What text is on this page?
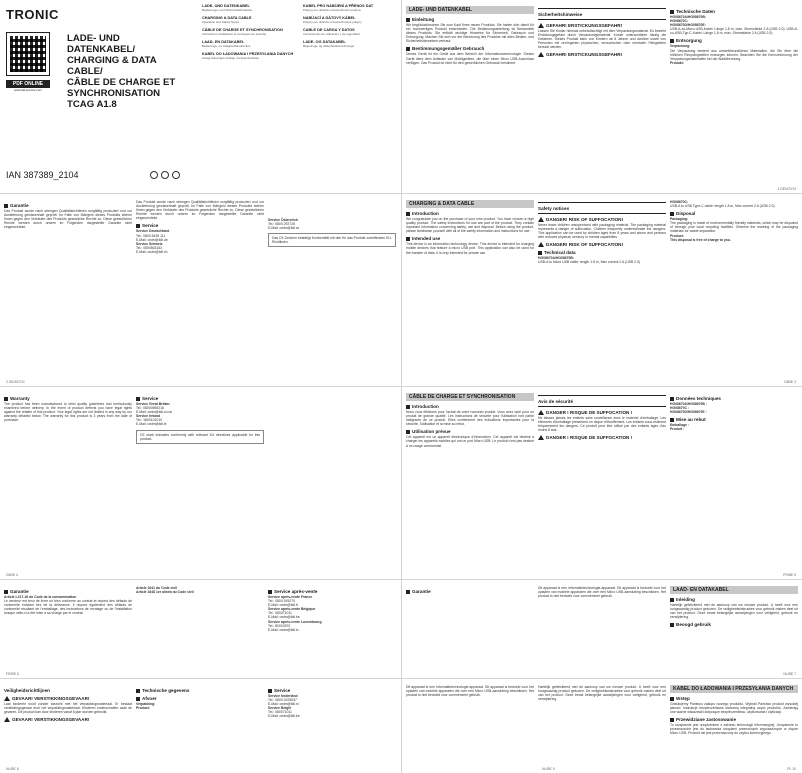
TRONIC
PDF ONLINE
www.lidl-service.com
LADE- UND
DATENKABEL/
CHARGING & DATA
CABLE/
CÂBLE DE CHARGE ET
SYNCHRONISATION
TCAG A1.8
IAN 387389_2104
LADE- UND DATENKABEL
Bedienungs- und Sicherheitshinweise
CHARGING & DATA CABLE
Operation and Safety Notes
CÂBLE DE CHARGE ET SYNCHRONISATION
Instructions d'utilisation et consignes de sécurité
LAAD- EN DATAKABEL
Bedienings- en veiligheidsinstructies
KABEL DO ŁADOWANIA I PRZESYŁANIA DANYCH
Uwagi dotyczące obsługi i bezpieczeństwa
KABEL PRO NABÍJENÍ A PŘENOS DAT
Pokyny pro obsluhu a bezpečnostní pokyny
NABÍJACÍ A DÁTOVÝ KÁBEL
Pokyny pre obsluhu a bezpečnostné pokyny
CABLE DE CARGA Y DATOS
Instrucciones de utilización y de seguridad
LADE- OG DATAKABEL
Betjenings- og sikkerhedshenvisninger
LADE- UND DATENKABEL
Einleitung
Wir beglückwünschen Sie zum Kauf Ihres neuen Produkts. Sie haben sich damit für ein hochwertiges Produkt entschieden. Die Bedienungsanleitung ist Bestandteil dieses Produkts. Sie enthält wichtige Hinweise für Sicherheit, Gebrauch und Entsorgung. Machen Sie sich vor der Benutzung des Produkts mit allen Bedien- und Sicherheitshinweisen vertraut.
Bestimmungsgemäßer Gebrauch
Dieses Gerät ist ein Gerät aus dem Bereich der Informationstechnologie. Dieses Gerät dient dem Aufladen von Mobilgeräten, die über einen Micro USB-Anschluss verfügen. Das Produkt ist nicht für den gewerblichen Gebrauch bestimmt.
Sicherheitshinweise
GEFAHR! ERSTICKUNGSGEFAHR!
Lassen Sie Kinder niemals unbeaufsichtigt mit dem Verpackungsmaterial. Es besteht Erstickungsgefahr durch Verpackungsmaterial. Kinder unterschätzen häufig die Gefahren. Dieses Produkt kann von Kindern ab 8 Jahren und darüber sowie von Personen mit verringerten physischen, sensorischen oder mentalen Fähigkeiten benutzt werden.
GEFAHR! ERSTICKUNGSGEFAHR!
Technische Daten
HG08670A/HG08670B:
HG08670C:
HG08670D/HG08670E:
USB-A-zu-Micro-USB-Kabel: Länge 1,8 m, max. Stromstärke 2 A (USB 2.0). USB-A-zu-USB-Typ-C-Kabel: Länge 1,8 m, max. Stromstärke 2 A (USB 2.0).
Entsorgung
Verpackung:
Die Verpackung besteht aus umweltfreundlichen Materialien, die Sie über die örtlichen Recyclingstellen entsorgen können. Beachten Sie die Kennzeichnung der Verpackungsmaterialien bei der Abfalltrennung.
Produkt:
1 DE/AT/CH
Garantie
Das Produkt wurde nach strengen Qualitätsrichtlinien sorgfältig produziert und vor Auslieferung gewissenhaft geprüft. Im Falle von Mängeln dieses Produkts stehen Ihnen gegen den Verkäufer des Produkts gesetzliche Rechte zu. Diese gesetzlichen Rechte werden durch unsere im Folgenden dargestellte Garantie nicht eingeschränkt.
Das Produkt wurde nach strengen Qualitätsrichtlinien sorgfältig produziert und vor Auslieferung gewissenhaft geprüft. Im Falle von Mängeln dieses Produkts stehen Ihnen gegen den Verkäufer des Produkts gesetzliche Rechte zu. Diese gesetzlichen Rechte werden durch unsere im Folgenden dargestellte Garantie nicht eingeschränkt.
Service
Service Deutschland
Tel.: 0800 5435 111
E-Mail: owim@lidl.de
Service Schweiz
Tel.: 0800563153
E-Mail: owim@lidl.ch
Service Österreich
Tel.: 0800 292726
E-Mail: owim@lidl.at
Das CE-Zeichen bestätigt Konformität mit den für das Produkt zutreffenden EU-Richtlinien.
2 DE/AT/CH
CHARGING & DATA CABLE
Introduction
We congratulate you on the purchase of your new product. You have chosen a high quality product. The safety instructions for use are part of the product. They contain important information concerning safety, use and disposal. Before using the product, please familiarise yourself with all of the safety information and instructions for use.
Intended use
This device is an information technology device. This device is intended for charging mobile devices that feature a micro USB port. This application can also be used for the transfer of data. It is only intended for private use.
Safety notices
DANGER! RISK OF SUFFOCATION!
Never leave children unsupervised with packaging material. The packaging material represents a danger of suffocation. Children frequently underestimate the dangers. This application can be used by children aged from 8 years and above and persons with reduced physical, sensory or mental capabilities.
DANGER! RISK OF SUFFOCATION!
Technical data
HG08670A/HG08670B:
USB-A to Micro USB cable: length 1.8 m, Max current 2 A (USB 2.0)
HG08670C:
USB-A to USB Type-C cable: length 1.8 m, Max current 2 A (USB 2.0)
Disposal
Packaging:
The packaging is made of environmentally friendly materials, which may be disposed of through your local recycling facilities. Observe the marking of the packaging materials for waste separation.
Product:
This disposal is free of charge to you.
GB/IE 3
Warranty
The product has been manufactured to strict quality guidelines and meticulously examined before delivery. In the event of product defects you have legal rights against the retailer of this product. Your legal rights are not limited in any way by our warranty detailed below. The warranty for this product is 3 years from the date of purchase.
Service
Service Great Britain
Tel.: 08000569216
E-Mail: owim@lidl.co.uk
Service Ireland
Tel.: 1800101010
E-Mail: owim@lidl.ie
CE mark indicates conformity with relevant EU directives applicable for this product.
GB/IE 4
CÂBLE DE CHARGE ET SYNCHRONISATION
Introduction
Nous vous félicitons pour l'achat de votre nouveau produit. Vous avez opté pour un produit de grande qualité. Les instructions de sécurité pour l'utilisation font partie intégrante de ce produit. Elles contiennent des indications importantes pour la sécurité, l'utilisation et la mise au rebut.
Utilisation prévue
Cet appareil est un appareil électronique d'information. Cet appareil est destiné à charger les appareils mobiles qui ont un port Micro USB. Le produit n'est pas destiné à un usage commercial.
Avis de sécurité
DANGER ! RISQUE DE SUFFOCATION !
Ne laissez jamais les enfants sans surveillance avec le matériel d'emballage. Les éléments d'emballage présentent un risque d'étouffement. Les enfants sous-estiment fréquemment les dangers. Ce produit peut être utilisé par des enfants âgés d'au moins 8 ans.
DANGER ! RISQUE DE SUFFOCATION !
Données techniques
HG08670A/HG08670B :
HG08670C :
HG08670D/HG08670E :
Mise au rebut
Emballage :
Produit :
FR/BE 5
Garantie
Article L217-16 du Code de la consommation
Le vendeur est tenu de livrer un bien conforme au contrat et répond des défauts de conformité existant lors de la délivrance. Il répond également des défauts de conformité résultant de l'emballage, des instructions de montage ou de l'installation lorsque celle-ci a été mise à sa charge par le contrat.
Article 1641 du Code civil
Article 1648 1er alinéa du Code civil	Service après-vente
Service après-vente France
Tel.: 0800 919270
E-Mail: owim@lidl.fr
Service après-vente Belgique
Tel.: 080071011
E-Mail: owim@lidl.be
Service après-vente Luxembourg
Tel.: 80024970
E-Mail: owim@lidl.lu
FR/BE 6
LAAD- EN DATAKABEL
Inleiding
Hartelijk gefeliciteerd met de aankoop van uw nieuwe product. U heeft voor een hoogwaardig product gekozen. De veiligheidsinstructies voor gebruik maken deel uit van het product. Deze bevat belangrijke aanwijzingen voor veiligheid, gebruik en verwijdering.
Beoogd gebruik
Dit apparaat is een informatietechnologie-apparaat. Dit apparaat is bedoeld voor het opladen van mobiele apparaten die over een Micro USB-aansluiting beschikken. Het product is niet bedoeld voor commercieel gebruik.
Garantie
NL/BE 7
Veiligheidsrichtlijnen
GEVAAR! VERSTIKKINGSGEVAAR!
Laat kinderen nooit zonder toezicht met het verpakkingsmateriaal. Er bestaat verstikkingsgevaar door het verpakkingsmateriaal. Kinderen onderschatten vaak de gevaren. Dit product kan door kinderen vanaf 8 jaar worden gebruikt.
GEVAAR! VERSTIKKINGSGEVAAR!
Technische gegevens
Afvoer
Verpakking:
Product:
Service
Service Nederland
Tel.: 0800 0225537
E-Mail: owim@lidl.nl
Service België
Tel.: 080071011
E-Mail: owim@lidl.be
NL/BE 8
KABEL DO ŁADOWANIA I PRZESYŁANIA DANYCH
Wstęp
Gratulujemy Państwu zakupu nowego produktu. Wybrali Państwo produkt wysokiej jakości. Instrukcje bezpieczeństwa stanowią integralną część produktu. Zawierają one ważne wskazówki dotyczące bezpieczeństwa, użytkowania i utylizacji.
Przewidziane zastosowanie
To urządzenie jest urządzeniem z zakresu technologii informacyjnej. Urządzenie to przeznaczone jest do ładowania urządzeń przenośnych wyposażonych w złącze Micro USB. Produkt nie jest przeznaczony do użytku komercyjnego.
Dit apparaat is een informatietechnologie-apparaat. Dit apparaat is bedoeld voor het opladen van mobiele apparaten die over een Micro USB-aansluiting beschikken. Het product is niet bedoeld voor commercieel gebruik.
Hartelijk gefeliciteerd met de aankoop van uw nieuwe product. U heeft voor een hoogwaardig product gekozen. De veiligheidsinstructies voor gebruik maken deel uit van het product. Deze bevat belangrijke aanwijzingen voor veiligheid, gebruik en verwijdering.
NL/BE 9	PL 10
